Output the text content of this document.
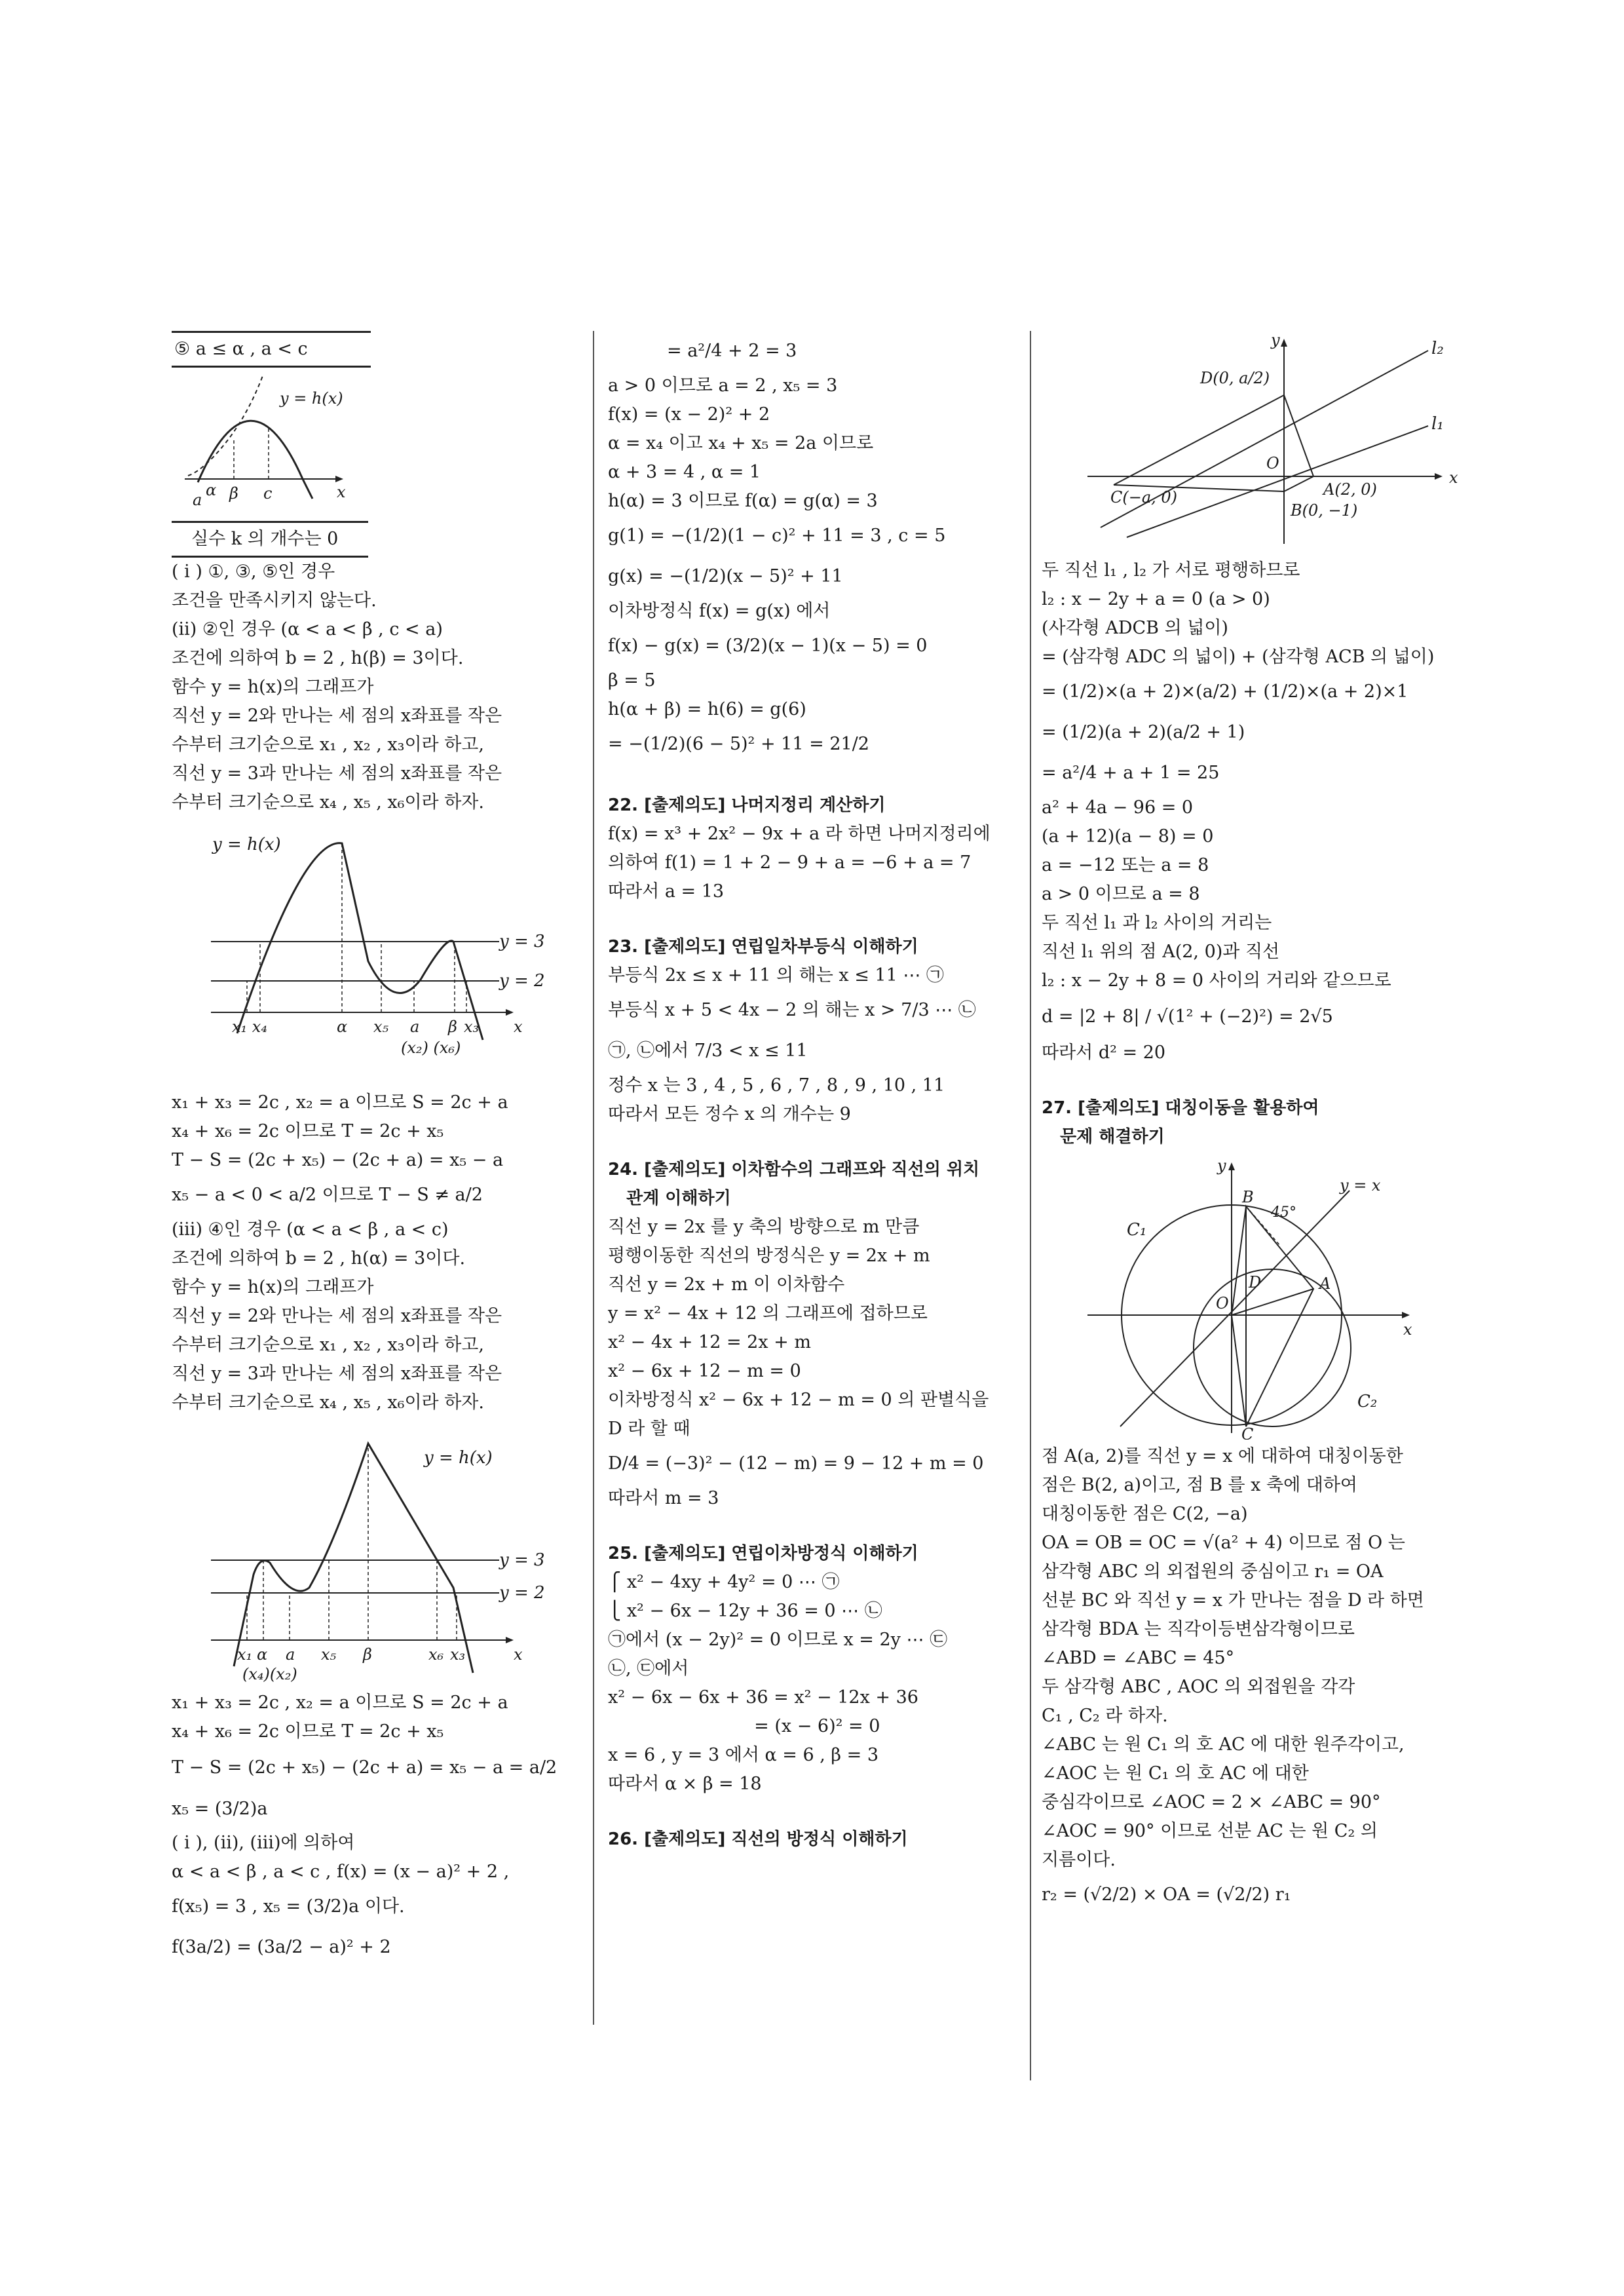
⑤ a ≤ α , a < c
y = h(x)
a
α β c	x
실수 k 의 개수는 0
( i ) ①, ③, ⑤인 경우
조건을 만족시키지 않는다.
(ii) ②인 경우 (α < a < β , c < a)
조건에 의하여 b = 2 , h(β) = 3이다.
함수 y = h(x)의 그래프가
직선 y = 2와 만나는 세 점의 x좌표를 작은
수부터 크기순으로 x₁ , x₂ , x₃이라 하고,
직선 y = 3과 만나는 세 점의 x좌표를 작은
수부터 크기순으로 x₄ , x₅ , x₆이라 하자.
y = h(x)
y = 3
y = 2
x₁ x₄	α x₅ a β x₃ x
(x₂) (x₆)
x₁ + x₃ = 2c , x₂ = a 이므로 S = 2c + a
x₄ + x₆ = 2c 이므로 T = 2c + x₅
T − S = (2c + x₅) − (2c + a) = x₅ − a
x₅ − a < 0 < a/2 이므로 T − S ≠ a/2
(iii) ④인 경우 (α < a < β , a < c)
조건에 의하여 b = 2 , h(α) = 3이다.
함수 y = h(x)의 그래프가
직선 y = 2와 만나는 세 점의 x좌표를 작은
수부터 크기순으로 x₁ , x₂ , x₃이라 하고,
직선 y = 3과 만나는 세 점의 x좌표를 작은
수부터 크기순으로 x₄ , x₅ , x₆이라 하자.
y = h(x)
y = 3
y = 2
x₁ α a x₅ β	x₆ x₃	x
(x₄)(x₂)
x₁ + x₃ = 2c , x₂ = a 이므로 S = 2c + a
x₄ + x₆ = 2c 이므로 T = 2c + x₅
T − S = (2c + x₅) − (2c + a) = x₅ − a = a/2
x₅ = (3/2)a
( i ), (ii), (iii)에 의하여
α < a < β , a < c , f(x) = (x − a)² + 2 ,
f(x₅) = 3 , x₅ = (3/2)a 이다.
f(3a/2) = (3a/2 − a)² + 2
= a²/4 + 2 = 3
a > 0 이므로 a = 2 , x₅ = 3
f(x) = (x − 2)² + 2
α = x₄ 이고 x₄ + x₅ = 2a 이므로
α + 3 = 4 , α = 1
h(α) = 3 이므로 f(α) = g(α) = 3
g(1) = −(1/2)(1 − c)² + 11 = 3 , c = 5
g(x) = −(1/2)(x − 5)² + 11
이차방정식 f(x) = g(x) 에서
f(x) − g(x) = (3/2)(x − 1)(x − 5) = 0
β = 5
h(α + β) = h(6) = g(6)
= −(1/2)(6 − 5)² + 11 = 21/2
22. [출제의도] 나머지정리 계산하기
f(x) = x³ + 2x² − 9x + a 라 하면 나머지정리에
의하여 f(1) = 1 + 2 − 9 + a = −6 + a = 7
따라서 a = 13
23. [출제의도] 연립일차부등식 이해하기
부등식 2x ≤ x + 11 의 해는 x ≤ 11 ⋯ ㉠
부등식 x + 5 < 4x − 2 의 해는 x > 7/3 ⋯ ㉡
㉠, ㉡에서 7/3 < x ≤ 11
정수 x 는 3 , 4 , 5 , 6 , 7 , 8 , 9 , 10 , 11
따라서 모든 정수 x 의 개수는 9
24. [출제의도] 이차함수의 그래프와 직선의 위치
관계 이해하기
직선 y = 2x 를 y 축의 방향으로 m 만큼
평행이동한 직선의 방정식은 y = 2x + m
직선 y = 2x + m 이 이차함수
y = x² − 4x + 12 의 그래프에 접하므로
x² − 4x + 12 = 2x + m
x² − 6x + 12 − m = 0
이차방정식 x² − 6x + 12 − m = 0 의 판별식을
D 라 할 때
D/4 = (−3)² − (12 − m) = 9 − 12 + m = 0
따라서 m = 3
25. [출제의도] 연립이차방정식 이해하기
⎧ x² − 4xy + 4y² = 0 ⋯ ㉠
⎩ x² − 6x − 12y + 36 = 0 ⋯ ㉡
㉠에서 (x − 2y)² = 0 이므로 x = 2y ⋯ ㉢
㉡, ㉢에서
x² − 6x − 6x + 36 = x² − 12x + 36
= (x − 6)² = 0
x = 6 , y = 3 에서 α = 6 , β = 3
따라서 α × β = 18
26. [출제의도] 직선의 방정식 이해하기
y
x
l₂
l₁
D(0, a/2)
O
C(−a, 0)	A(2, 0)
B(0, −1)
두 직선 l₁ , l₂ 가 서로 평행하므로
l₂ : x − 2y + a = 0 (a > 0)
(사각형 ADCB 의 넓이)
= (삼각형 ADC 의 넓이) + (삼각형 ACB 의 넓이)
= (1/2)×(a + 2)×(a/2) + (1/2)×(a + 2)×1
= (1/2)(a + 2)(a/2 + 1)
= a²/4 + a + 1 = 25
a² + 4a − 96 = 0
(a + 12)(a − 8) = 0
a = −12 또는 a = 8
a > 0 이므로 a = 8
두 직선 l₁ 과 l₂ 사이의 거리는
직선 l₁ 위의 점 A(2, 0)과 직선
l₂ : x − 2y + 8 = 0 사이의 거리와 같으므로
d = |2 + 8| / √(1² + (−2)²) = 2√5
따라서 d² = 20
27. [출제의도] 대칭이동을 활용하여
문제 해결하기
y
x
y = x
C₁
C₂
B
45°
A
D
O
C
점 A(a, 2)를 직선 y = x 에 대하여 대칭이동한
점은 B(2, a)이고, 점 B 를 x 축에 대하여
대칭이동한 점은 C(2, −a)
OA = OB = OC = √(a² + 4) 이므로 점 O 는
삼각형 ABC 의 외접원의 중심이고 r₁ = OA
선분 BC 와 직선 y = x 가 만나는 점을 D 라 하면
삼각형 BDA 는 직각이등변삼각형이므로
∠ABD = ∠ABC = 45°
두 삼각형 ABC , AOC 의 외접원을 각각
C₁ , C₂ 라 하자.
∠ABC 는 원 C₁ 의 호 AC 에 대한 원주각이고,
∠AOC 는 원 C₁ 의 호 AC 에 대한
중심각이므로 ∠AOC = 2 × ∠ABC = 90°
∠AOC = 90° 이므로 선분 AC 는 원 C₂ 의
지름이다.
r₂ = (√2/2) × OA = (√2/2) r₁
